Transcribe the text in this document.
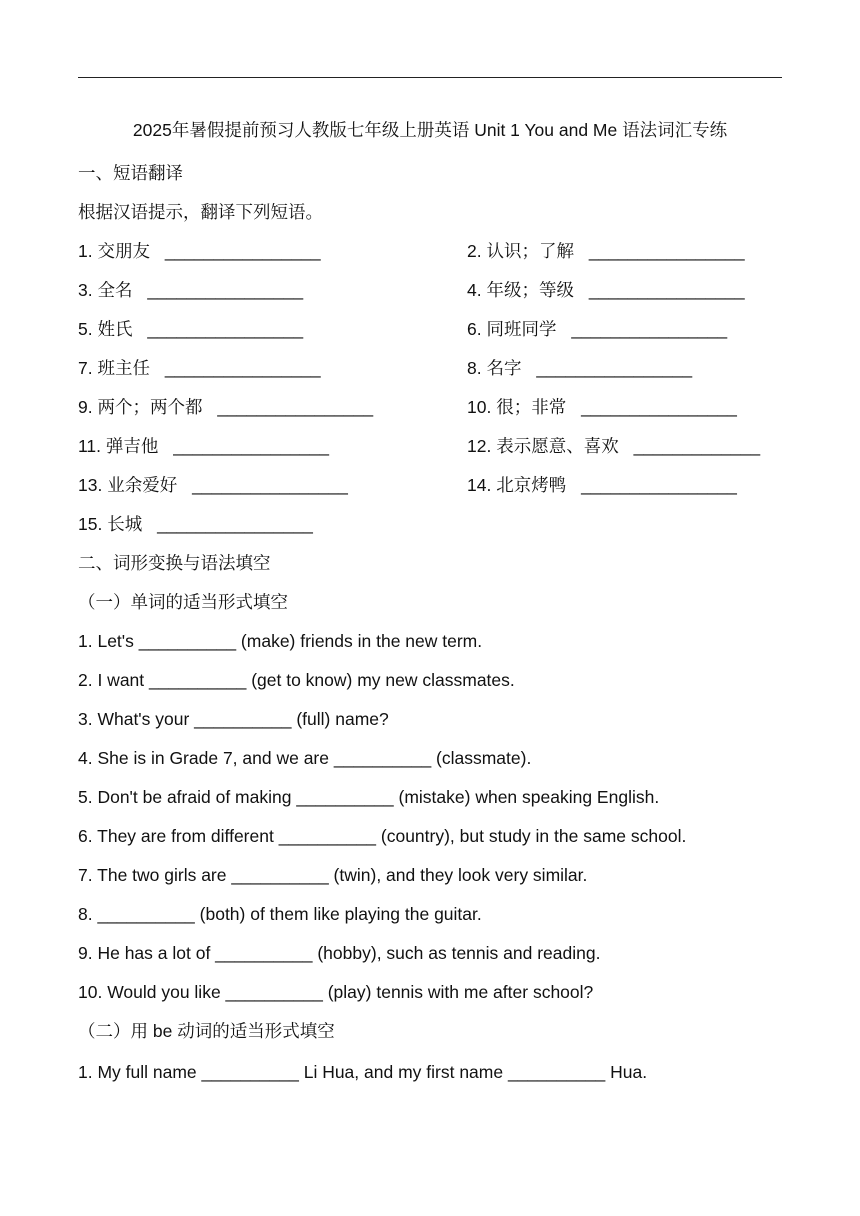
2025年暑假提前预习人教版七年级上册英语 Unit 1 You and Me 语法词汇专练
一、短语翻译
根据汉语提示，翻译下列短语。
1. 交朋友 ________________	2. 认识；了解 ________________
3. 全名 ________________	4. 年级；等级 ________________
5. 姓氏 ________________	6. 同班同学 ________________
7. 班主任 ________________	8. 名字 ________________
9. 两个；两个都 ________________	10. 很；非常 ________________
11. 弹吉他 ________________	12. 表示愿意、喜欢 _____________
13. 业余爱好 ________________	14. 北京烤鸭 ________________
15. 长城 ________________
二、词形变换与语法填空
（一）单词的适当形式填空
1. Let's __________ (make) friends in the new term.
2. I want __________ (get to know) my new classmates.
3. What's your __________ (full) name?
4. She is in Grade 7, and we are __________ (classmate).
5. Don't be afraid of making __________ (mistake) when speaking English.
6. They are from different __________ (country), but study in the same school.
7. The two girls are __________ (twin), and they look very similar.
8. __________ (both) of them like playing the guitar.
9. He has a lot of __________ (hobby), such as tennis and reading.
10. Would you like __________ (play) tennis with me after school?
（二）用 be 动词的适当形式填空
1. My full name __________ Li Hua, and my first name __________ Hua.
